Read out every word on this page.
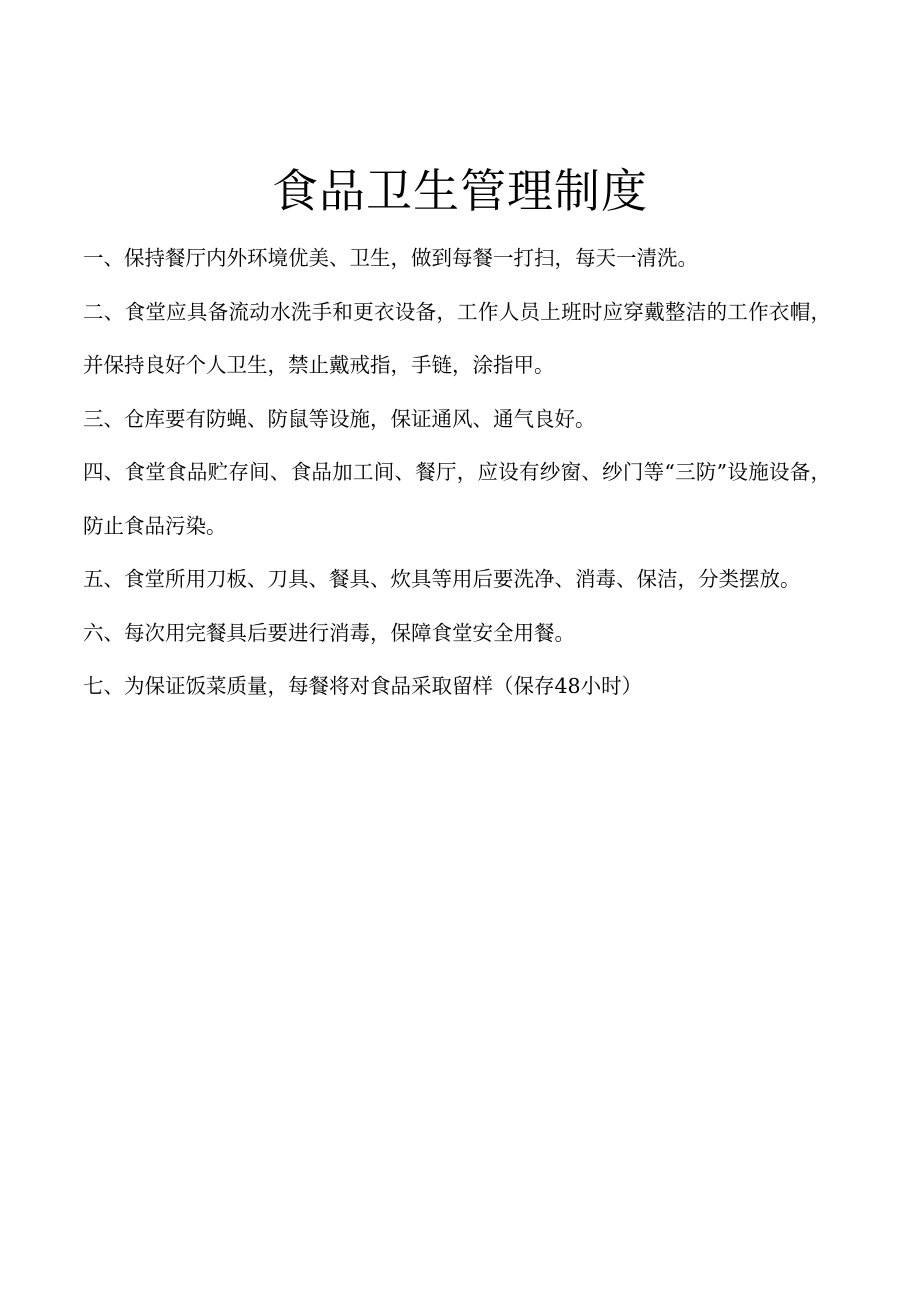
食品卫生管理制度

一、保持餐厅内外环境优美、卫生，做到每餐一打扫，每天一清洗。

二、食堂应具备流动水洗手和更衣设备，工作人员上班时应穿戴整洁的工作衣帽，并保持良好个人卫生，禁止戴戒指，手链，涂指甲。

三、仓库要有防蝇、防鼠等设施，保证通风、通气良好。

四、食堂食品贮存间、食品加工间、餐厅，应设有纱窗、纱门等“三防”设施设备，防止食品污染。

五、食堂所用刀板、刀具、餐具、炊具等用后要洗净、消毒、保洁，分类摆放。

六、每次用完餐具后要进行消毒，保障食堂安全用餐。

七、为保证饭菜质量，每餐将对食品采取留样（保存48小时）
